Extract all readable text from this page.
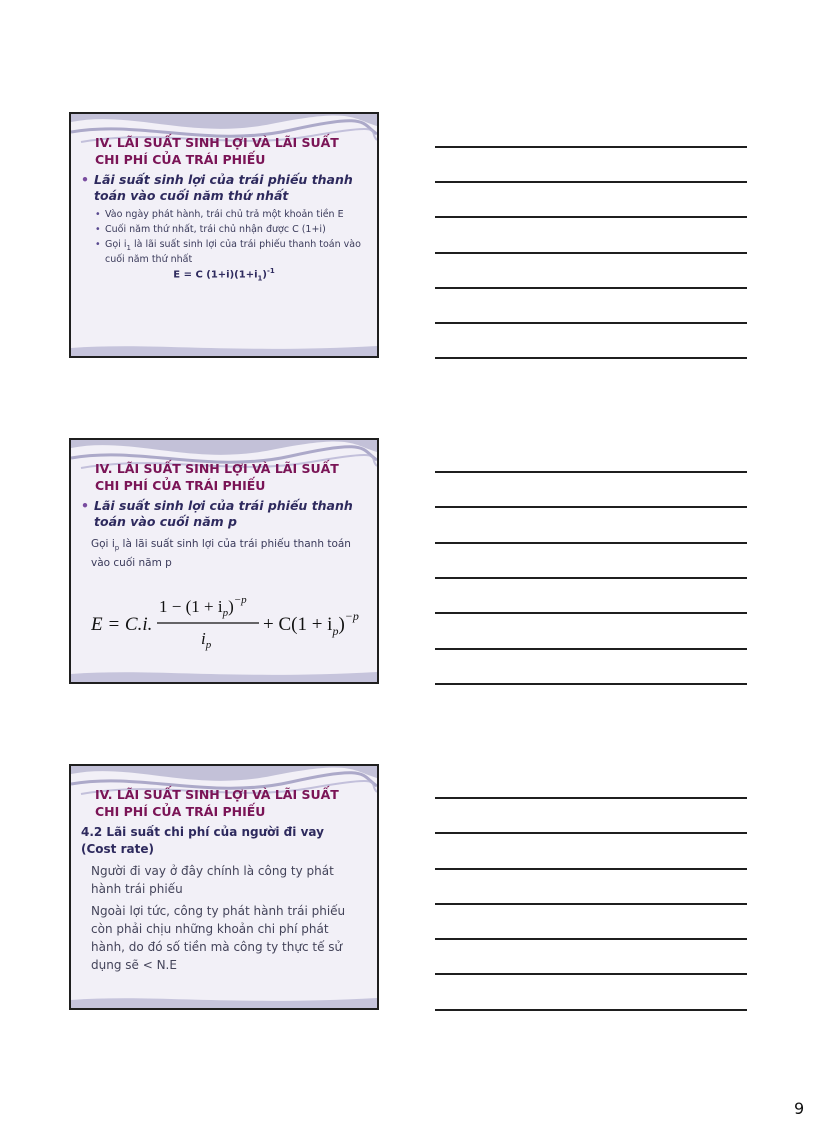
IV. LÃI SUẤT SINH LỢI VÀ LÃI SUẤT CHI PHÍ CỦA TRÁI PHIẾU
• Lãi suất sinh lợi của trái phiếu thanh toán vào cuối năm thứ nhất
• Vào ngày phát hành, trái chủ trả một khoản tiền E
• Cuối năm thứ nhất, trái chủ nhận được C (1+i)
• Gọi $i_1$ là lãi suất sinh lợi của trái phiếu thanh toán vào cuối năm thứ nhất
E = C $(1+i)(1+i_1)^{-1}$
IV. LÃI SUẤT SINH LỢI VÀ LÃI SUẤT CHI PHÍ CỦA TRÁI PHIẾU
• Lãi suất sinh lợi của trái phiếu thanh toán vào cuối năm p
Gọi $i_p$ là lãi suất sinh lợi của trái phiếu thanh toán vào cuối năm p
E = C.i.
$1 - (1 + i_p)^{-p}$
$i_p$
+ $C(1 + i_p)^{-p}$
IV. LÃI SUẤT SINH LỢI VÀ LÃI SUẤT CHI PHÍ CỦA TRÁI PHIẾU
4.2 Lãi suất chi phí của người đi vay (Cost rate)
Người đi vay ở đây chính là công ty phát hành trái phiếu
Ngoài lợi tức, công ty phát hành trái phiếu còn phải chịu những khoản chi phí phát hành, do đó số tiền mà công ty thực tế sử dụng sẽ < N.E
9
